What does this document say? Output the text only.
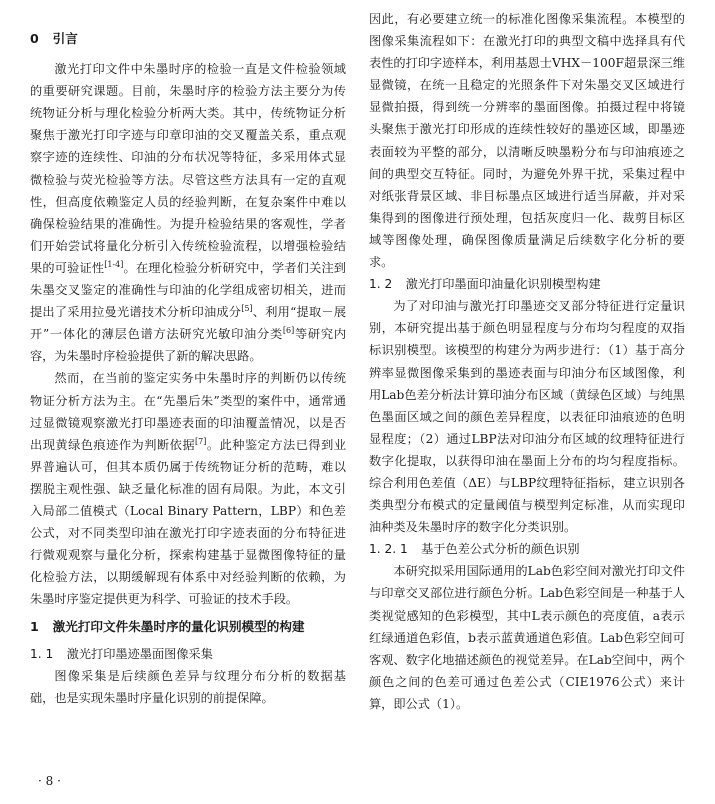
0 引言

激光打印文件中朱墨时序的检验一直是文件检验领域的重要研究课题。目前，朱墨时序的检验方法主要分为传统物证分析与理化检验分析两大类。其中，传统物证分析聚焦于激光打印字迹与印章印油的交叉覆盖关系，重点观察字迹的连续性、印油的分布状况等特征，多采用体式显微检验与荧光检验等方法。尽管这些方法具有一定的直观性，但高度依赖鉴定人员的经验判断，在复杂案件中难以确保检验结果的准确性。为提升检验结果的客观性，学者们开始尝试将量化分析引入传统检验流程，以增强检验结果的可验证性[1-4]。在理化检验分析研究中，学者们关注到朱墨交叉鉴定的准确性与印油的化学组成密切相关，进而提出了采用拉曼光谱技术分析印油成分[5]、利用“提取－展开”一体化的薄层色谱方法研究光敏印油分类[6]等研究内容，为朱墨时序检验提供了新的解决思路。

然而，在当前的鉴定实务中朱墨时序的判断仍以传统物证分析方法为主。在“先墨后朱”类型的案件中，通常通过显微镜观察激光打印墨迹表面的印油覆盖情况，以是否出现黄绿色痕迹作为判断依据[7]。此种鉴定方法已得到业界普遍认可，但其本质仍属于传统物证分析的范畴，难以摆脱主观性强、缺乏量化标准的固有局限。为此，本文引入局部二值模式（Local Binary Pattern，LBP）和色差公式，对不同类型印油在激光打印字迹表面的分布特征进行微观观察与量化分析，探索构建基于显微图像特征的量化检验方法，以期缓解现有体系中对经验判断的依赖，为朱墨时序鉴定提供更为科学、可验证的技术手段。

1 激光打印文件朱墨时序的量化识别模型的构建
1. 1 激光打印墨迹墨面图像采集

图像采集是后续颜色差异与纹理分布分析的数据基础，也是实现朱墨时序量化识别的前提保障。

因此，有必要建立统一的标准化图像采集流程。本模型的图像采集流程如下：在激光打印的典型文稿中选择具有代表性的打印字迹样本，利用基恩士VHX－100F超景深三维显微镜，在统一且稳定的光照条件下对朱墨交叉区域进行显微拍摄，得到统一分辨率的墨面图像。拍摄过程中将镜头聚焦于激光打印形成的连续性较好的墨迹区域，即墨迹表面较为平整的部分，以清晰反映墨粉分布与印油痕迹之间的典型交互特征。同时，为避免外界干扰，采集过程中对纸张背景区域、非目标墨点区域进行适当屏蔽，并对采集得到的图像进行预处理，包括灰度归一化、裁剪目标区域等图像处理，确保图像质量满足后续数字化分析的要求。

1. 2 激光打印墨面印油量化识别模型构建

为了对印油与激光打印墨迹交叉部分特征进行定量识别，本研究提出基于颜色明显程度与分布均匀程度的双指标识别模型。该模型的构建分为两步进行：（1）基于高分辨率显微图像采集到的墨迹表面与印油分布区域图像，利用Lab色差分析法计算印油分布区域（黄绿色区域）与纯黑色墨面区域之间的颜色差异程度，以表征印油痕迹的色明显程度；（2）通过LBP法对印油分布区域的纹理特征进行数字化提取，以获得印油在墨面上分布的均匀程度指标。综合利用色差值（ΔE）与LBP纹理特征指标，建立识别各类典型分布模式的定量阈值与模型判定标准，从而实现印油种类及朱墨时序的数字化分类识别。

1. 2. 1 基于色差公式分析的颜色识别

本研究拟采用国际通用的Lab色彩空间对激光打印文件与印章交叉部位进行颜色分析。Lab色彩空间是一种基于人类视觉感知的色彩模型，其中L表示颜色的亮度值，a表示红绿通道色彩值，b表示蓝黄通道色彩值。Lab色彩空间可客观、数字化地描述颜色的视觉差异。在Lab空间中，两个颜色之间的色差可通过色差公式（CIE1976公式）来计算，即公式（1）。

· 8 ·
